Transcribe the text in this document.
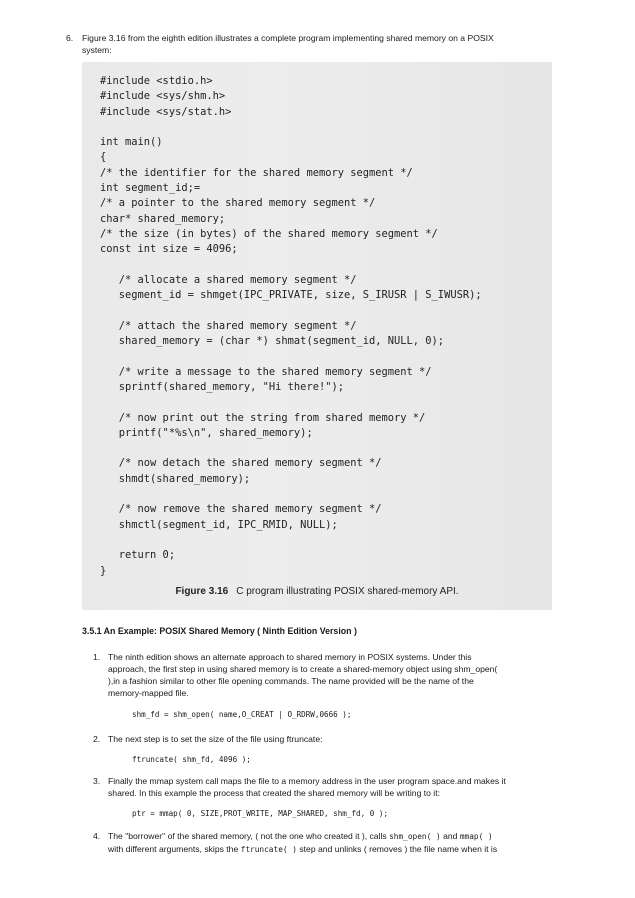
6. Figure 3.16 from the eighth edition illustrates a complete program implementing shared memory on a POSIX
system:
#include <stdio.h>
#include <sys/shm.h>
#include <sys/stat.h>
int main()
{
/* the identifier for the shared memory segment */
int segment_id;=
/* a pointer to the shared memory segment */
char* shared_memory;
/* the size (in bytes) of the shared memory segment */
const int size = 4096;
/* allocate a shared memory segment */
segment_id = shmget(IPC_PRIVATE, size, S_IRUSR | S_IWUSR);
/* attach the shared memory segment */
shared_memory = (char *) shmat(segment_id, NULL, 0);
/* write a message to the shared memory segment */
sprintf(shared_memory, "Hi there!");
/* now print out the string from shared memory */
printf("*%s\n", shared_memory);
/* now detach the shared memory segment */
shmdt(shared_memory);
/* now remove the shared memory segment */
shmctl(segment_id, IPC_RMID, NULL);
return 0;
}
Figure 3.16 C program illustrating POSIX shared-memory API.
3.5.1 An Example: POSIX Shared Memory ( Ninth Edition Version )
1. The ninth edition shows an alternate approach to shared memory in POSIX systems. Under this
approach, the first step in using shared memory is to create a shared-memory object using shm_open(
),in a fashion similar to other file opening commands. The name provided will be the name of the
memory-mapped file.
shm_fd = shm_open( name,O_CREAT | O_RDRW,0666 );
2. The next step is to set the size of the file using ftruncate:
ftruncate( shm_fd, 4096 );
3. Finally the mmap system call maps the file to a memory address in the user program space.and makes it
shared. In this example the process that created the shared memory will be writing to it:
ptr = mmap( 0, SIZE,PROT_WRITE, MAP_SHARED, shm_fd, 0 );
4. The "borrower" of the shared memory, ( not the one who created it ), calls shm_open( ) and mmap( )
with different arguments, skips the ftruncate( ) step and unlinks ( removes ) the file name when it is
